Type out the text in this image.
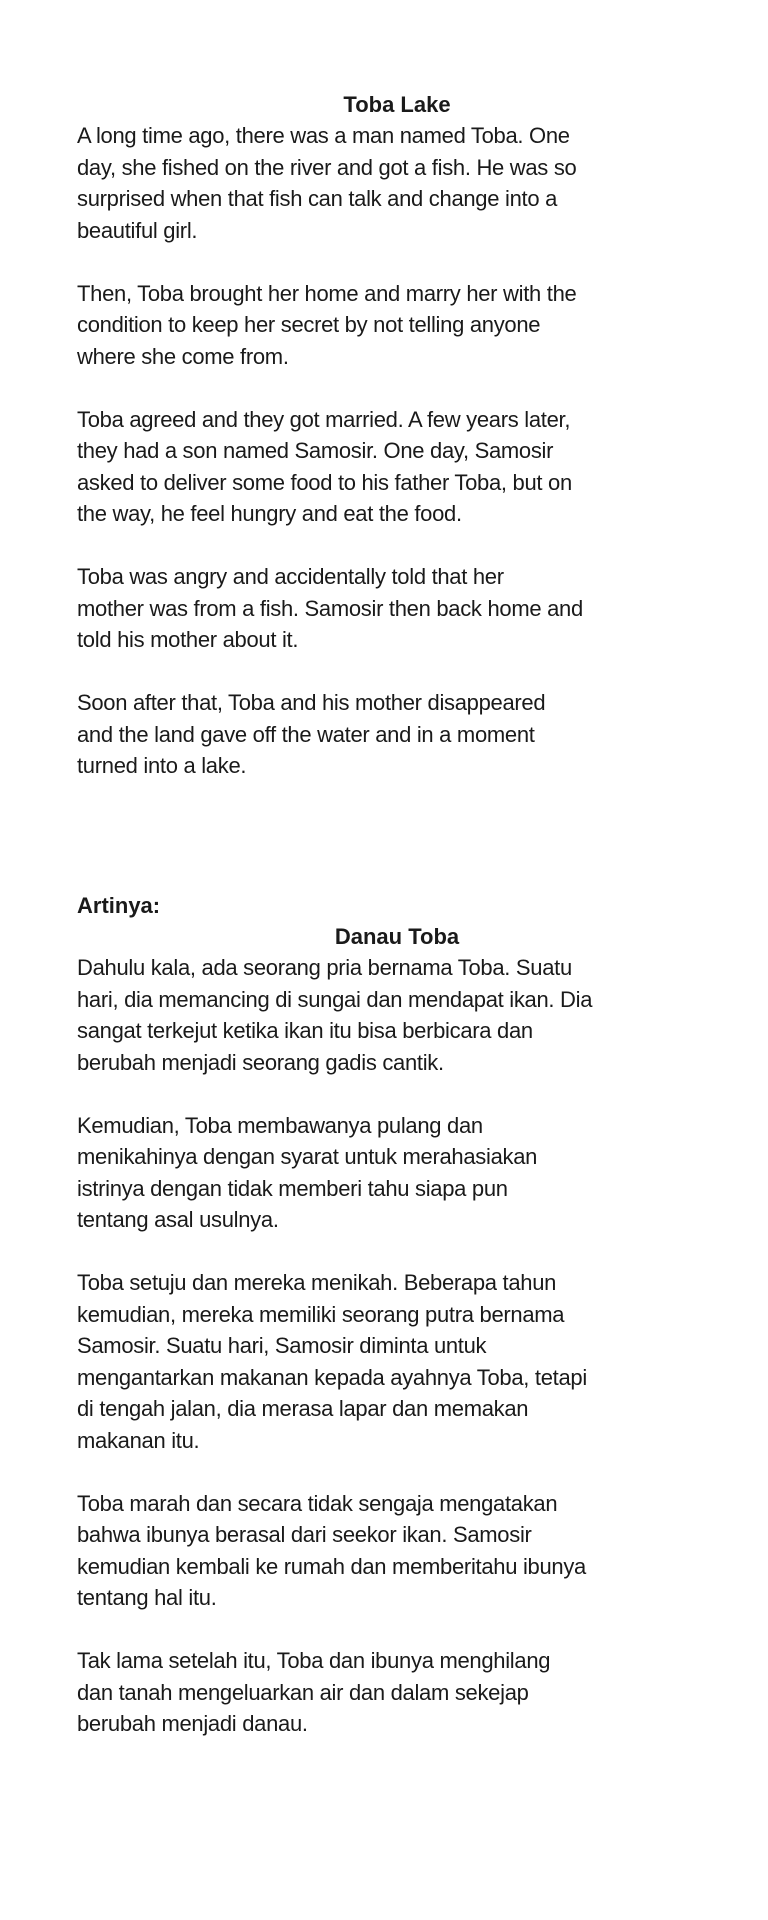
Toba Lake
A long time ago, there was a man named Toba. One
day, she fished on the river and got a fish. He was so
surprised when that fish can talk and change into a
beautiful girl.
Then, Toba brought her home and marry her with the
condition to keep her secret by not telling anyone
where she come from.
Toba agreed and they got married. A few years later,
they had a son named Samosir. One day, Samosir
asked to deliver some food to his father Toba, but on
the way, he feel hungry and eat the food.
Toba was angry and accidentally told that her
mother was from a fish. Samosir then back home and
told his mother about it.
Soon after that, Toba and his mother disappeared
and the land gave off the water and in a moment
turned into a lake.
Artinya:
Danau Toba
Dahulu kala, ada seorang pria bernama Toba. Suatu
hari, dia memancing di sungai dan mendapat ikan. Dia
sangat terkejut ketika ikan itu bisa berbicara dan
berubah menjadi seorang gadis cantik.
Kemudian, Toba membawanya pulang dan
menikahinya dengan syarat untuk merahasiakan
istrinya dengan tidak memberi tahu siapa pun
tentang asal usulnya.
Toba setuju dan mereka menikah. Beberapa tahun
kemudian, mereka memiliki seorang putra bernama
Samosir. Suatu hari, Samosir diminta untuk
mengantarkan makanan kepada ayahnya Toba, tetapi
di tengah jalan, dia merasa lapar dan memakan
makanan itu.
Toba marah dan secara tidak sengaja mengatakan
bahwa ibunya berasal dari seekor ikan. Samosir
kemudian kembali ke rumah dan memberitahu ibunya
tentang hal itu.
Tak lama setelah itu, Toba dan ibunya menghilang
dan tanah mengeluarkan air dan dalam sekejap
berubah menjadi danau.
